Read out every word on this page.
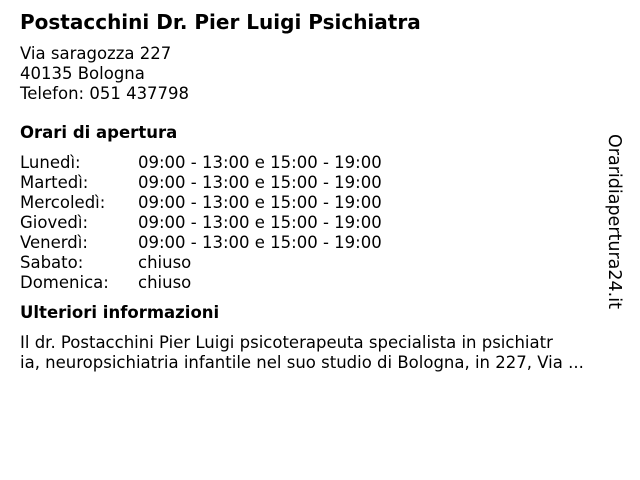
Postacchini Dr. Pier Luigi Psichiatra
Via saragozza 227
40135 Bologna
Telefon: 051 437798
Orari di apertura
Lunedì:	09:00 - 13:00 e 15:00 - 19:00
Martedì:	09:00 - 13:00 e 15:00 - 19:00
Mercoledì:	09:00 - 13:00 e 15:00 - 19:00
Giovedì:	09:00 - 13:00 e 15:00 - 19:00
Venerdì:	09:00 - 13:00 e 15:00 - 19:00
Sabato:	chiuso
Domenica:	chiuso
Ulteriori informazioni
Il dr. Postacchini Pier Luigi psicoterapeuta specialista in psichiatr
ia, neuropsichiatria infantile nel suo studio di Bologna, in 227, Via ...
Oraridiapertura24.it
